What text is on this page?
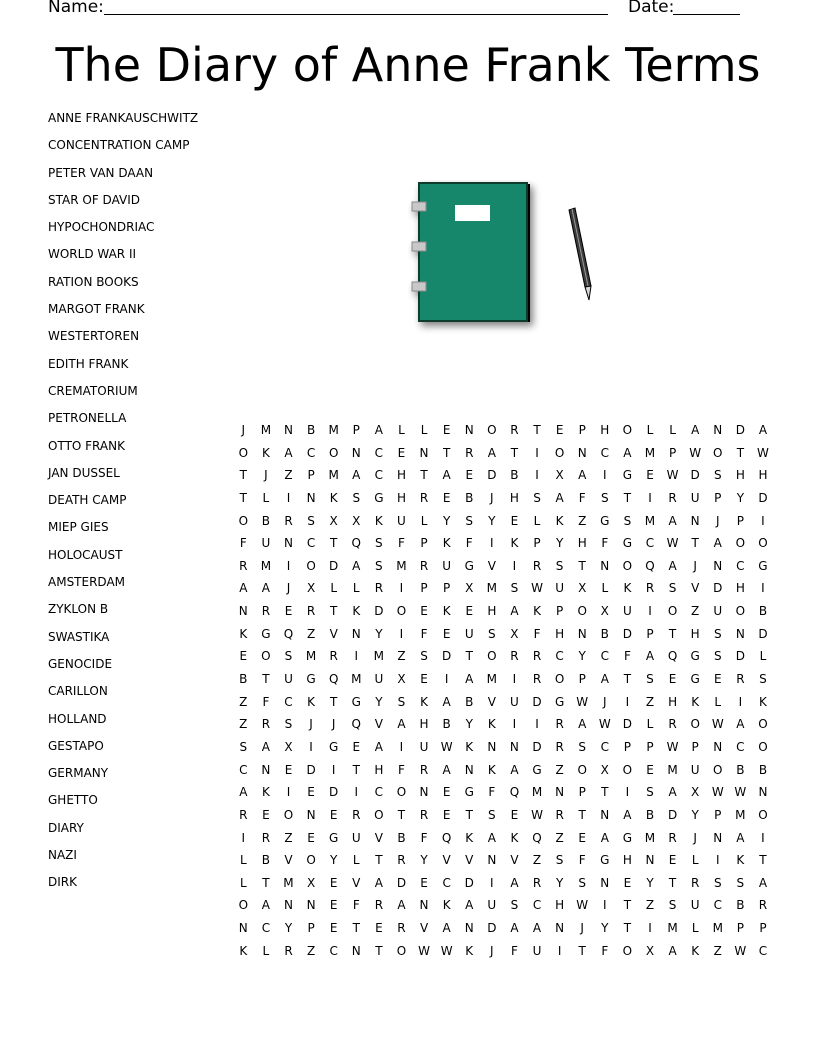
Name:	Date:
The Diary of Anne Frank Terms
ANNE FRANKAUSCHWITZ
CONCENTRATION CAMP
PETER VAN DAAN
STAR OF DAVID
HYPOCHONDRIAC
WORLD WAR II
RATION BOOKS
MARGOT FRANK
WESTERTOREN
EDITH FRANK
CREMATORIUM
PETRONELLA
OTTO FRANK
JAN DUSSEL
DEATH CAMP
MIEP GIES
HOLOCAUST
AMSTERDAM
ZYKLON B
SWASTIKA
GENOCIDE
CARILLON
HOLLAND
GESTAPO
GERMANY
GHETTO
DIARY
NAZI
DIRK
J M N B M P A L L E N O R T E P H O L L A N D A
O K A C O N C E N T R A T I O N C A M P W O T W
T J Z P M A C H T A E D B I X A I G E W D S H H
T L I N K S G H R E B J H S A F S T I R U P Y D
O B R S X X K U L Y S Y E L K Z G S M A N J P I
F U N C T Q S F P K F I K P Y H F G C W T A O O
R M I O D A S M R U G V I R S T N O Q A J N C G
A A J X L L R I P P X M S W U X L K R S V D H I
N R E R T K D O E K E H A K P O X U I O Z U O B
K G Q Z V N Y I F E U S X F H N B D P T H S N D
E O S M R I M Z S D T O R R C Y C F A Q G S D L
B T U G Q M U X E I A M I R O P A T S E G E R S
Z F C K T G Y S K A B V U D G W J I Z H K L I K
Z R S J J Q V A H B Y K I I R A W D L R O W A O
S A X I G E A I U W K N N D R S C P P W P N C O
C N E D I T H F R A N K A G Z O X O E M U O B B
A K I E D I C O N E G F Q M N P T I S A X W W N
R E O N E R O T R E T S E W R T N A B D Y P M O
I R Z E G U V B F Q K A K Q Z E A G M R J N A I
L B V O Y L T R Y V V N V Z S F G H N E L I K T
L T M X E V A D E C D I A R Y S N E Y T R S S A
O A N N E F R A N K A U S C H W I T Z S U C B R
N C Y P E T E R V A N D A A N J Y T I M L M P P
K L R Z C N T O W W K J F U I T F O X A K Z W C
